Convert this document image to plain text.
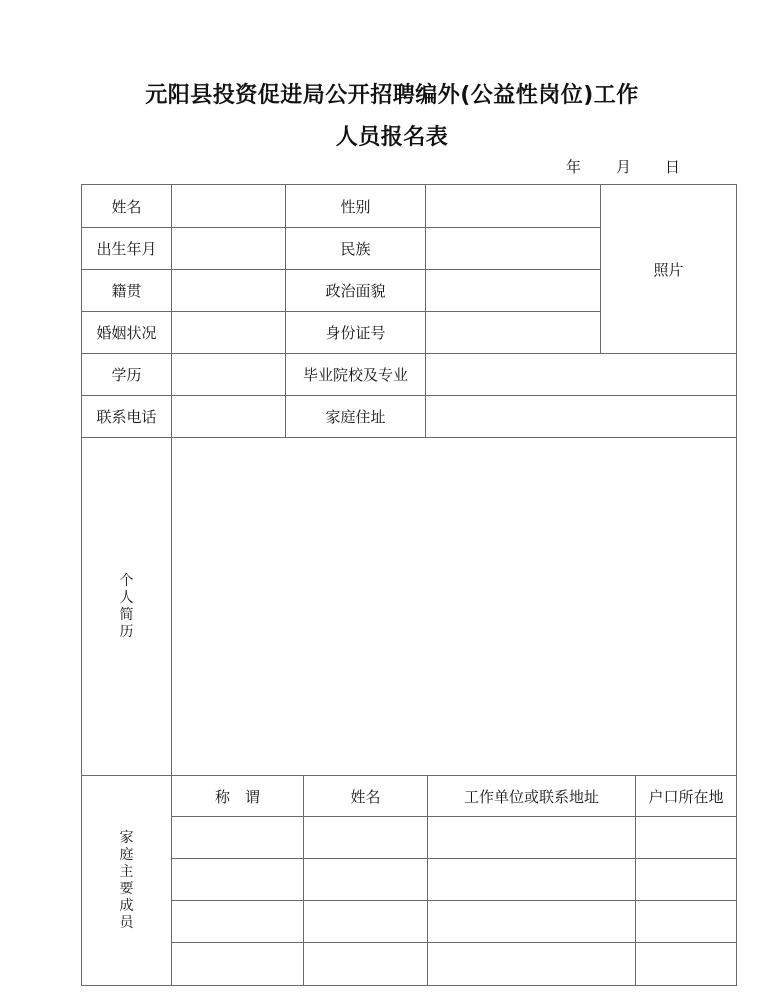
元阳县投资促进局公开招聘编外(公益性岗位)工作
人员报名表
年 月 日
姓名	性别
照片
出生年月	民族
籍贯	政治面貌
婚姻状况	身份证号
学历	毕业院校及专业
联系电话	家庭住址
个
人
简
历
家
庭
主
要
成
员
称　谓	姓名	工作单位或联系地址	户口所在地
